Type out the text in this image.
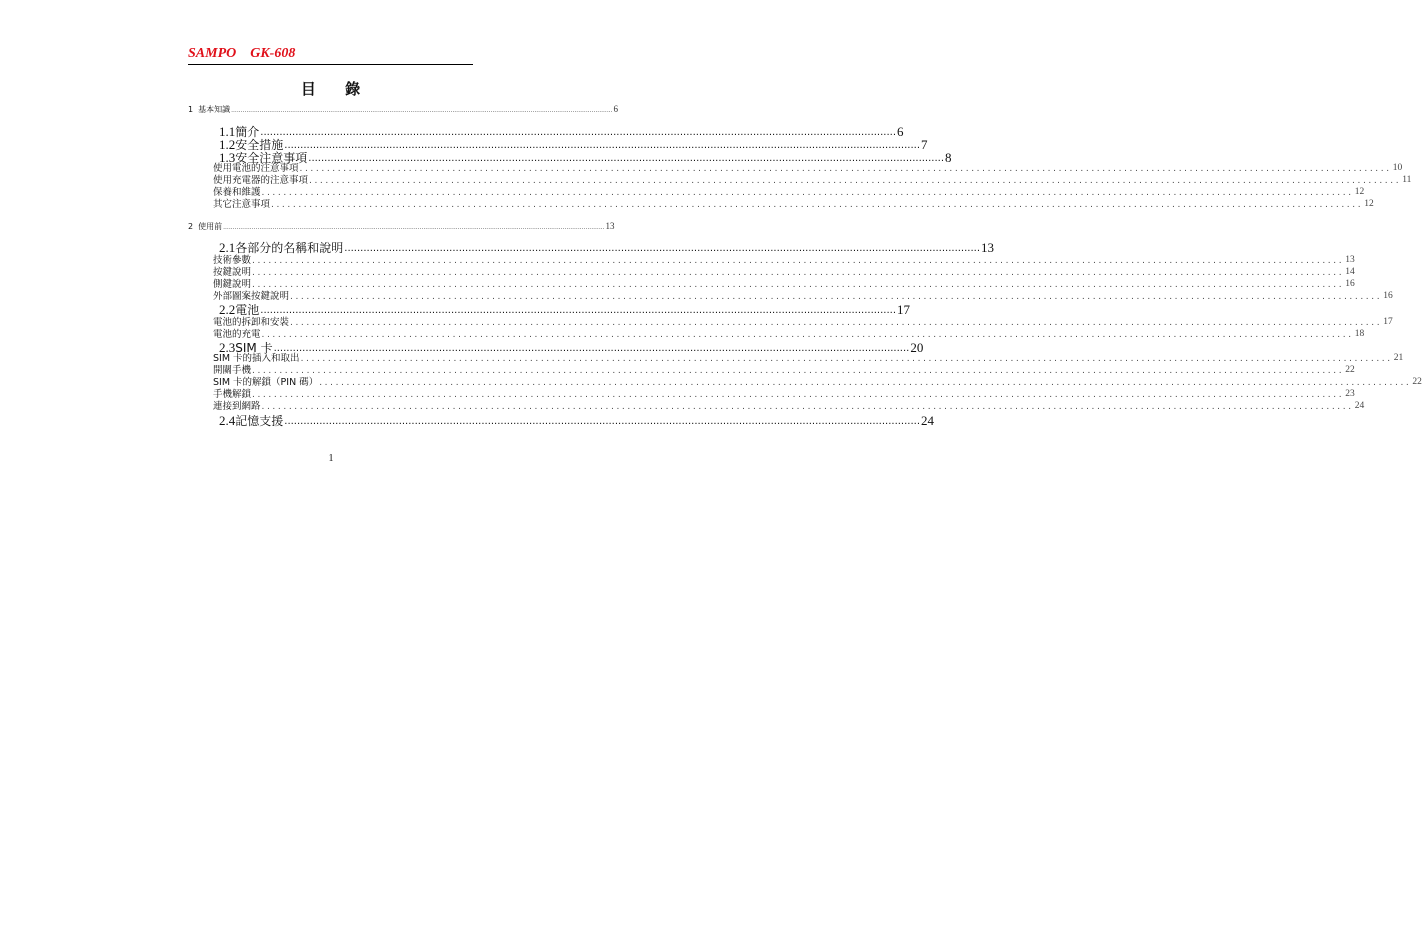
SAMPO    GK-608
目 錄
1 基本知識 ........................................................................................................................................................................................................ 6
1.1 簡介 ........................................................................................................................................................................................................ 6
1.2 安全措施 ........................................................................................................................................................................................................ 7
1.3 安全注意事項 ........................................................................................................................................................................................................ 8
使用電池的注意事項 ........................................................................................................................................................................................................ 10
使用充電器的注意事項 ........................................................................................................................................................................................................ 11
保養和維護 ........................................................................................................................................................................................................ 12
其它注意事項 ........................................................................................................................................................................................................ 12
2 使用前 ........................................................................................................................................................................................................ 13
2.1 各部分的名稱和說明 ........................................................................................................................................................................................................ 13
技術參數 ........................................................................................................................................................................................................ 13
按鍵說明 ........................................................................................................................................................................................................ 14
側鍵說明 ........................................................................................................................................................................................................ 16
外部圖案按鍵說明 ........................................................................................................................................................................................................ 16
2.2 電池 ........................................................................................................................................................................................................ 17
電池的拆卸和安裝 ........................................................................................................................................................................................................ 17
電池的充電 ........................................................................................................................................................................................................ 18
2.3 SIM 卡 ........................................................................................................................................................................................................ 20
SIM 卡的插入和取出 ........................................................................................................................................................................................................ 21
開關手機 ........................................................................................................................................................................................................ 22
SIM 卡的解鎖（PIN 碼） ........................................................................................................................................................................................................ 22
手機解鎖 ........................................................................................................................................................................................................ 23
連接到網路 ........................................................................................................................................................................................................ 24
2.4 記憶支援 ........................................................................................................................................................................................................ 24
1
